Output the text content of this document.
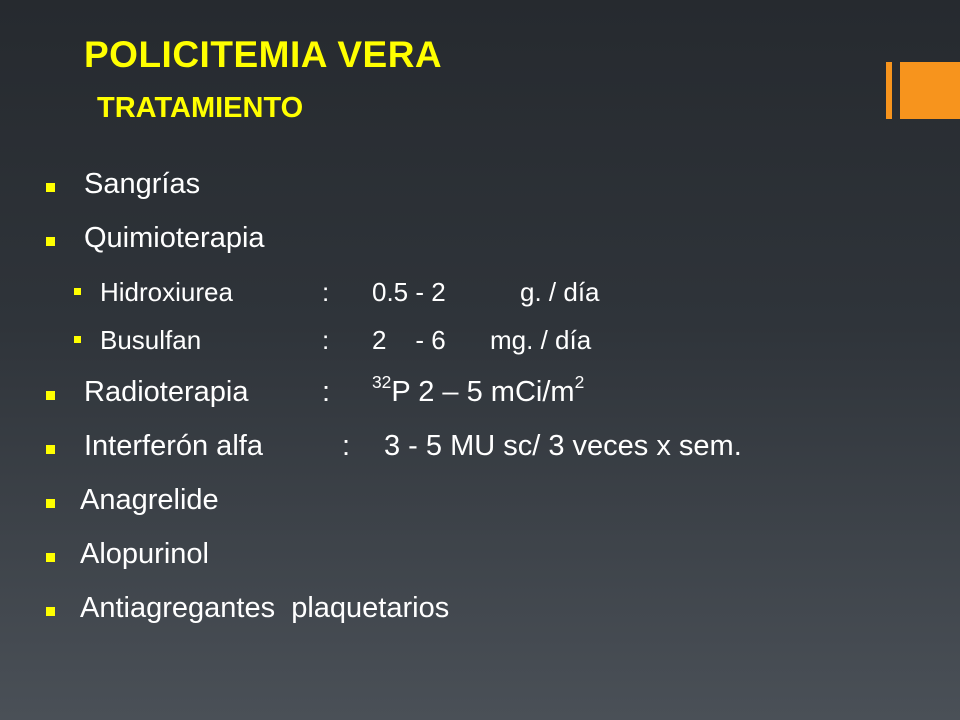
POLICITEMIA VERA
TRATAMIENTO
Sangrías
Quimioterapia
Hidroxiurea	: 0.5 - 2	g. / día
Busulfan	: 2    - 6 mg. / día
Radioterapia	: $^{32}$P 2 – 5 mCi/$m^2$
Interferón alfa	: 3 - 5 MU sc/ 3 veces x sem.
Anagrelide
Alopurinol
Antiagregantes  plaquetarios
